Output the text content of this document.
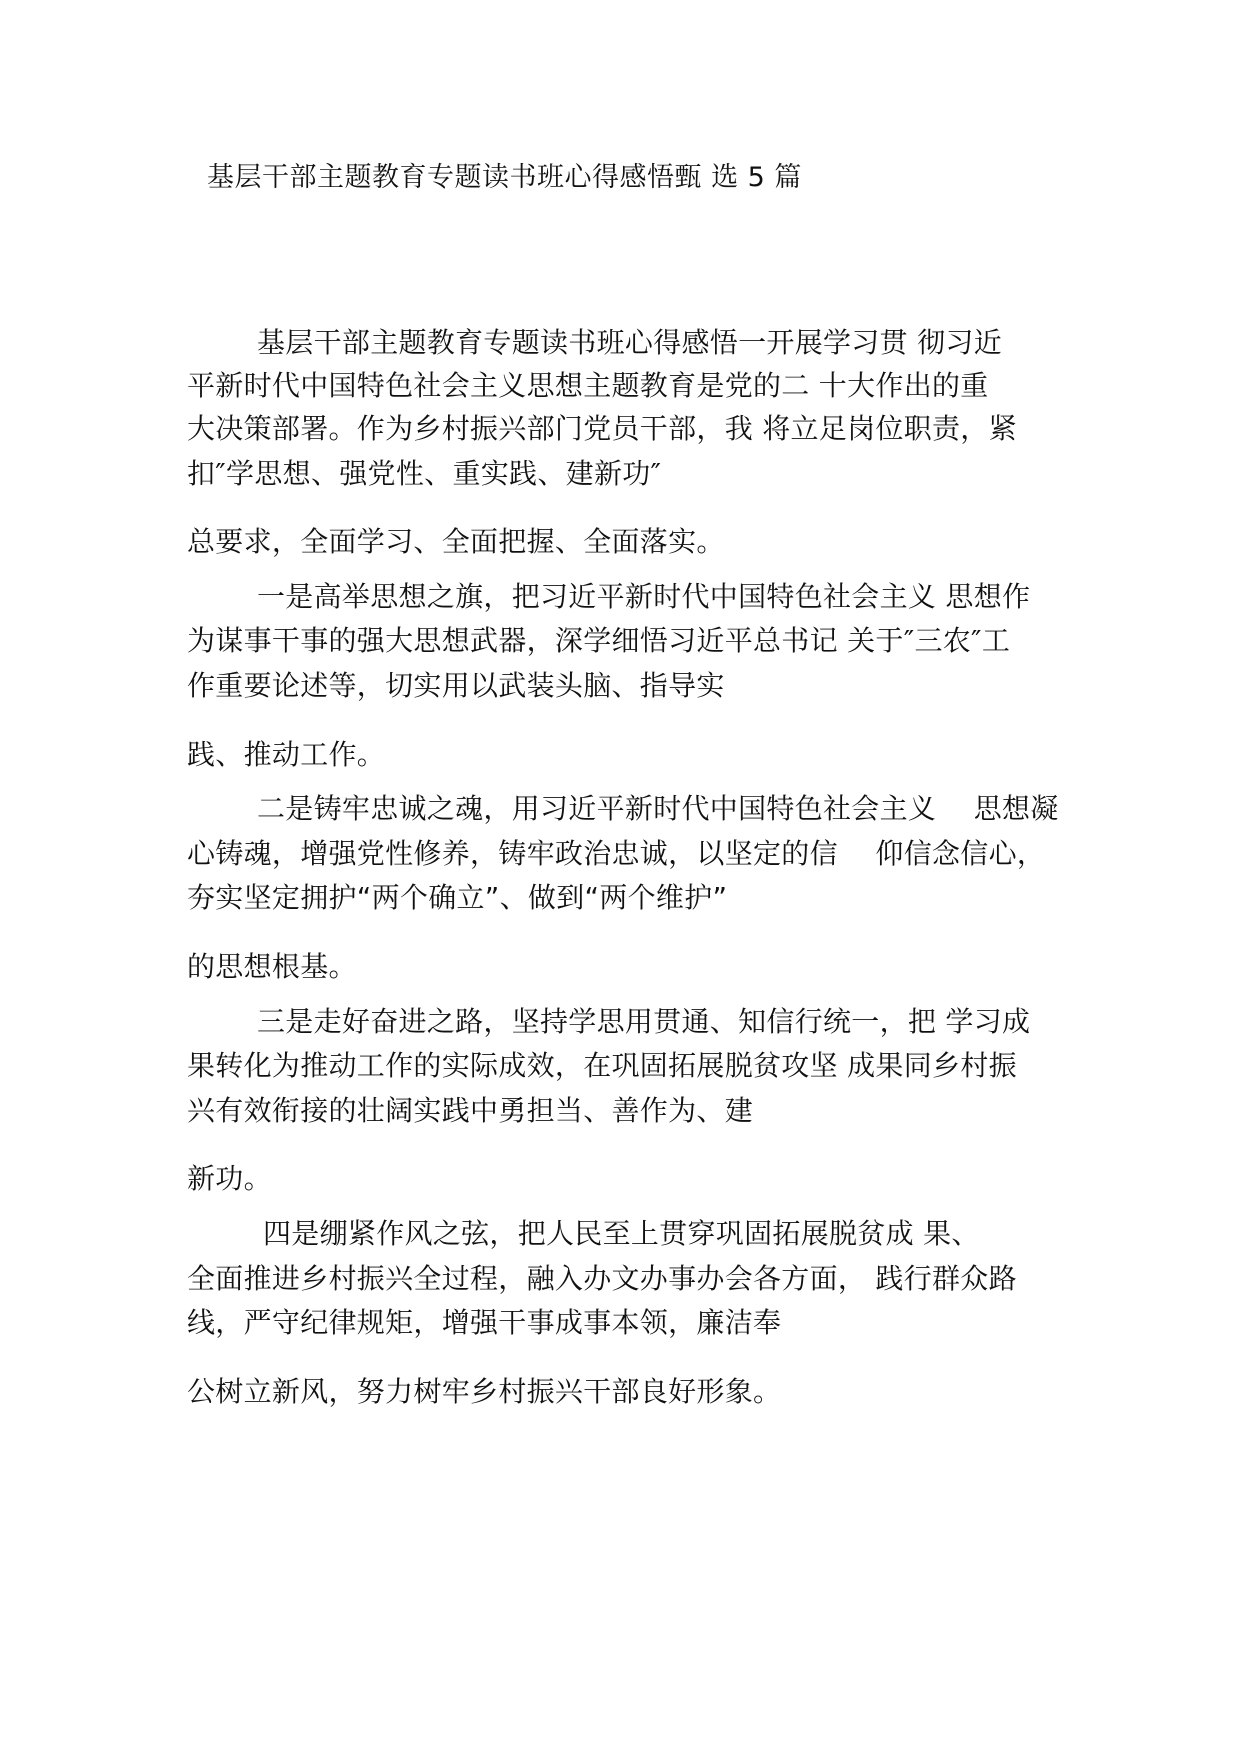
基层干部主题教育专题读书班心得感悟甄 选 5 篇
基层干部主题教育专题读书班心得感悟一开展学习贯 彻习近
平新时代中国特色社会主义思想主题教育是党的二 十大作出的重
大决策部署。作为乡村振兴部门党员干部，我 将立足岗位职责，紧
扣″学思想、强党性、重实践、建新功″
总要求，全面学习、全面把握、全面落实。
一是高举思想之旗，把习近平新时代中国特色社会主义 思想作
为谋事干事的强大思想武器，深学细悟习近平总书记 关于″三农″工
作重要论述等，切实用以武装头脑、指导实
践、推动工作。
二是铸牢忠诚之魂，用习近平新时代中国特色社会主义　 思想凝
心铸魂，增强党性修养，铸牢政治忠诚，以坚定的信　 仰信念信心，
夯实坚定拥护“两个确立”、做到“两个维护”
的思想根基。
三是走好奋进之路，坚持学思用贯通、知信行统一，把 学习成
果转化为推动工作的实际成效，在巩固拓展脱贫攻坚 成果同乡村振
兴有效衔接的壮阔实践中勇担当、善作为、建
新功。
四是绷紧作风之弦，把人民至上贯穿巩固拓展脱贫成 果、
全面推进乡村振兴全过程，融入办文办事办会各方面， 践行群众路
线，严守纪律规矩，增强干事成事本领，廉洁奉
公树立新风，努力树牢乡村振兴干部良好形象。
